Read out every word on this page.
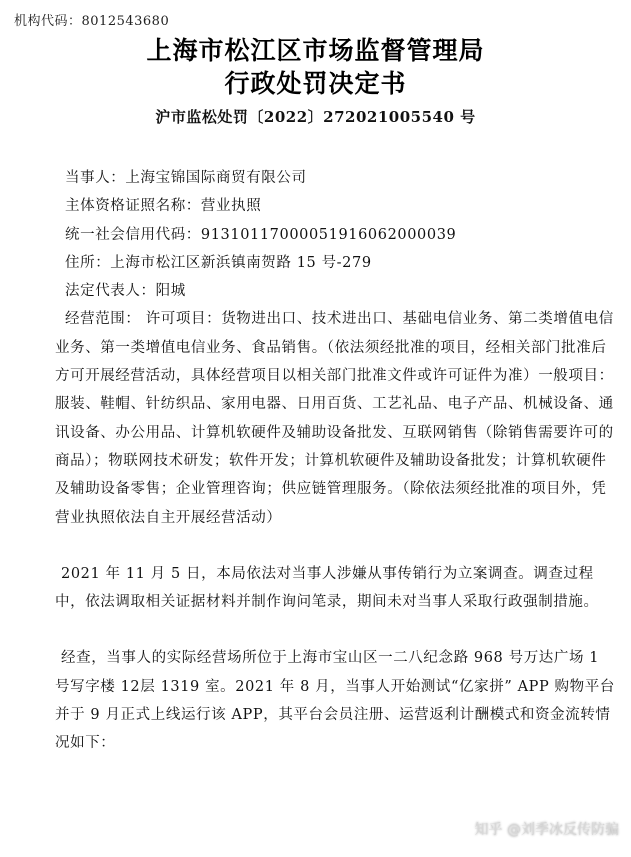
机构代码：8012543680
上海市松江区市场监督管理局
行政处罚决定书
沪市监松处罚〔2022〕272021005540 号

当事人：上海宝锦国际商贸有限公司

主体资格证照名称：营业执照

统一社会信用代码：91310117000051916062000039

住所：上海市松江区新浜镇南贺路 15 号-279

法定代表人：阳城

经营范围： 许可项目：货物进出口、技术进出口、基础电信业务、第二类增值电信业务、第一类增值电信业务、食品销售。（依法须经批准的项目，经相关部门批准后方可开展经营活动，具体经营项目以相关部门批准文件或许可证件为准）一般项目：服装、鞋帽、针纺织品、家用电器、日用百货、工艺礼品、电子产品、机械设备、通讯设备、办公用品、计算机软硬件及辅助设备批发、互联网销售（除销售需要许可的商品）；物联网技术研发；软件开发；计算机软硬件及辅助设备批发；计算机软硬件及辅助设备零售；企业管理咨询；供应链管理服务。（除依法须经批准的项目外，凭营业执照依法自主开展经营活动）

2021 年 11 月 5 日，本局依法对当事人涉嫌从事传销行为立案调查。调查过程中，依法调取相关证据材料并制作询问笔录，期间未对当事人采取行政强制措施。

经查，当事人的实际经营场所位于上海市宝山区一二八纪念路 968 号万达广场 1 号写字楼 12层 1319 室。2021 年 8 月，当事人开始测试“亿家拼” APP 购物平台并于 9 月正式上线运行该 APP，其平台会员注册、运营返利计酬模式和资金流转情况如下：

知乎 @刘季冰反传防骗
